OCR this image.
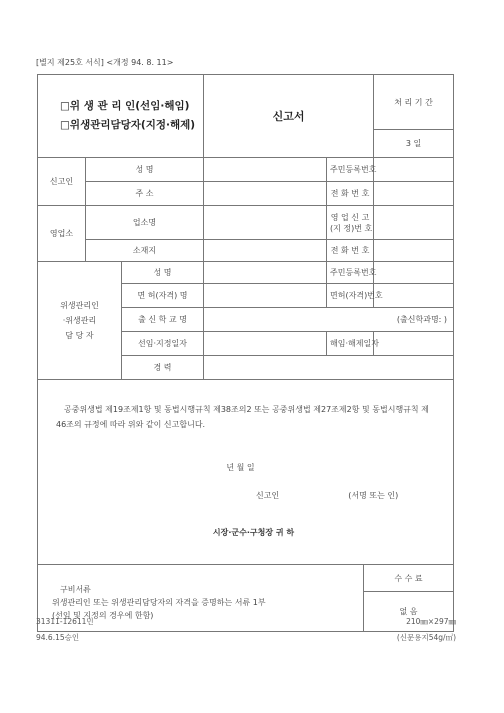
[별지 제25호 서식] <개정 94. 8. 11>
□위 생 관 리 인(선임·해임)
□위생관리담당자(지정·해제)			신고서			처 리 기 간
						3 일
신고인	성 명			주민등록번호		
	주 소			전 화 번 호		
영업소	업소명			영 업 신 고
(지 정)번 호		

	소재지			전 화 번 호		

위생관리인
·위생관리
담 당 자		성 명		주민등록번호		
		면 허(자격) 명		면허(자격)번호		
		출 신 학 교 명	(출신학과명: )			
		선임·지정일자		해임·해제일자		
		경 력				

공중위생법 제19조제1항 및 동법시행규칙 제38조의2 또는 공중위생법 제27조제2항 및 동법시행규칙 제46조의 규정에 따라 위와 같이 신고합니다.
년 월 일
신고인 (서명 또는 인)
시장·군수·구청장 귀 하						

구비서류
위생관리인 또는 위생관리담당자의 자격을 증명하는 서류 1부
(선임 및 지정의 경우에 한함)					수 수 료	
					없 음	
31311-12611민
94.6.15승인
210㎜×297㎜
(신문용지54g/㎡)
